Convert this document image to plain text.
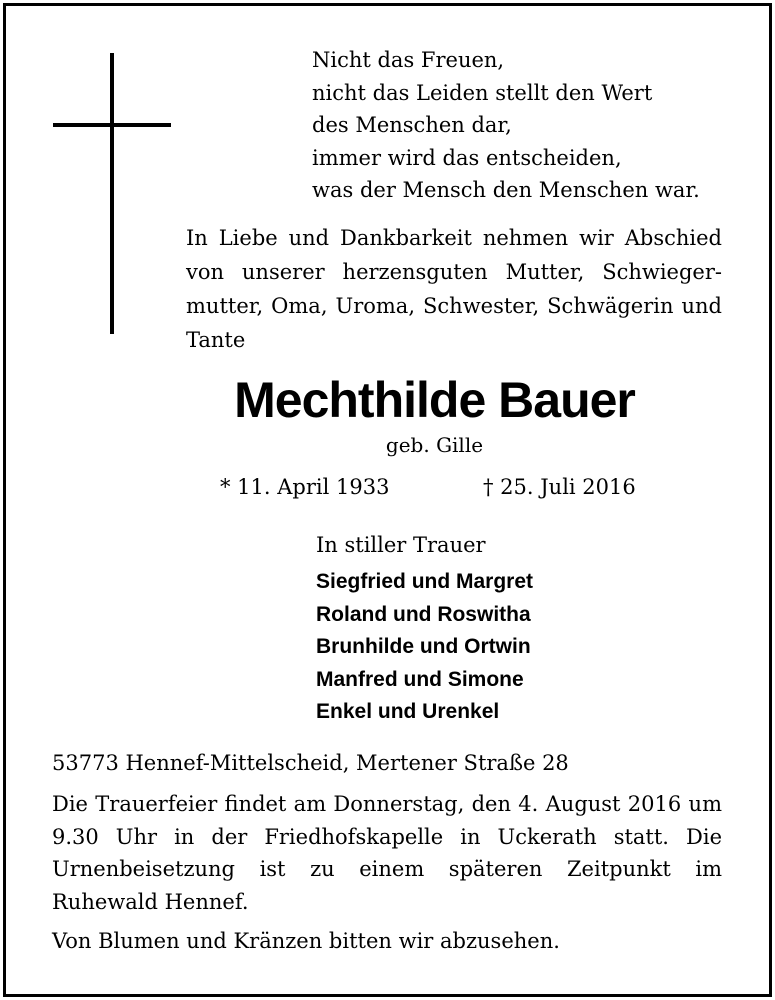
Nicht das Freuen,
nicht das Leiden stellt den Wert
des Menschen dar,
immer wird das entscheiden,
was der Mensch den Menschen war.
In Liebe und Dankbarkeit nehmen wir Abschied von unserer herzensguten Mutter, Schwiegermutter, Oma, Uroma, Schwester, Schwägerin und Tante
Mechthilde Bauer
geb. Gille
* 11. April 1933	† 25. Juli 2016
In stiller Trauer
Siegfried und Margret
Roland und Roswitha
Brunhilde und Ortwin
Manfred und Simone
Enkel und Urenkel
53773 Hennef-Mittelscheid, Mertener Straße 28
Die Trauerfeier findet am Donnerstag, den 4. August 2016 um 9.30 Uhr in der Friedhofskapelle in Uckerath statt. Die Urnenbeisetzung ist zu einem späteren Zeitpunkt im Ruhewald Hennef.
Von Blumen und Kränzen bitten wir abzusehen.
